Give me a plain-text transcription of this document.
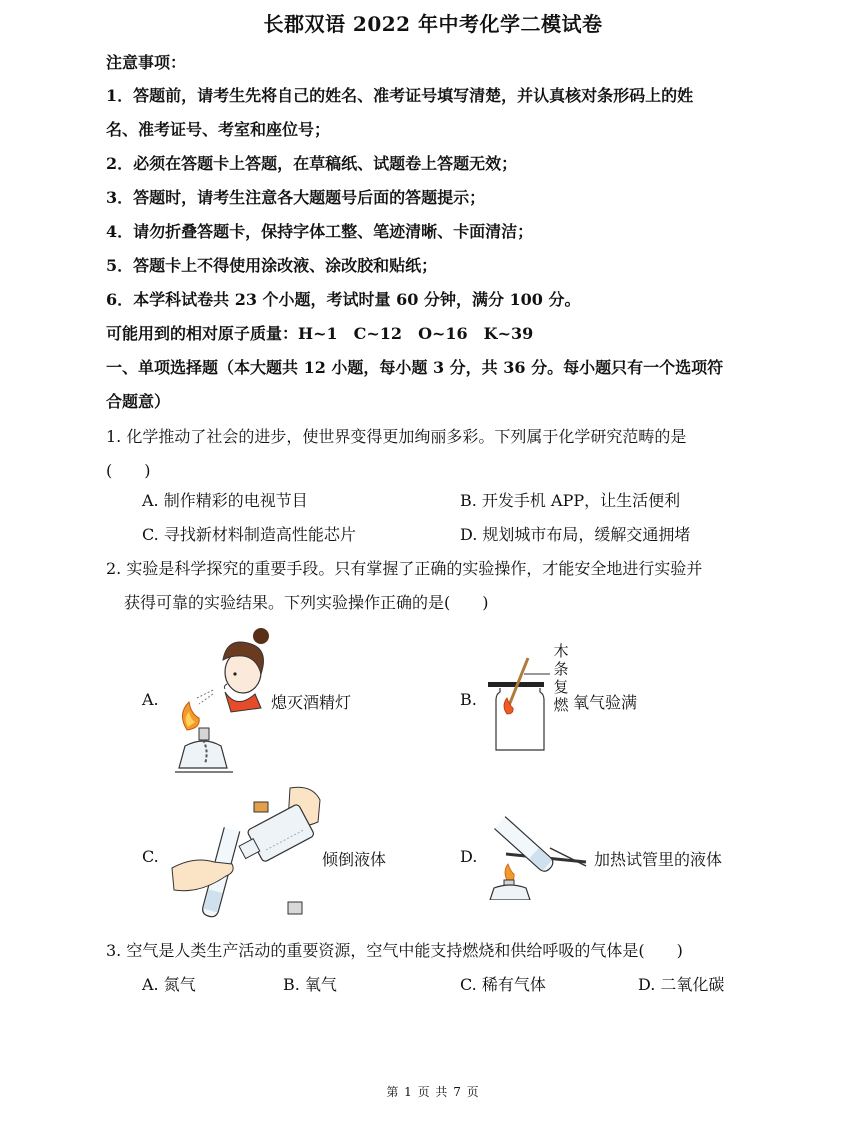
长郡双语 2022 年中考化学二模试卷
注意事项：
1．答题前，请考生先将自己的姓名、准考证号填写清楚，并认真核对条形码上的姓
名、准考证号、考室和座位号；
2．必须在答题卡上答题，在草稿纸、试题卷上答题无效；
3．答题时，请考生注意各大题题号后面的答题提示；
4．请勿折叠答题卡，保持字体工整、笔迹清晰、卡面清洁；
5．答题卡上不得使用涂改液、涂改胶和贴纸；
6．本学科试卷共 23 个小题，考试时量 60 分钟，满分 100 分。
可能用到的相对原子质量：H~1　C~12　O~16　K~39
一、单项选择题（本大题共 12 小题，每小题 3 分，共 36 分。每小题只有一个选项符
合题意）
1. 化学推动了社会的进步，使世界变得更加绚丽多彩。下列属于化学研究范畴的是
(　　)
A. 制作精彩的电视节目	B. 开发手机 APP，让生活便利
C. 寻找新材料制造高性能芯片	D. 规划城市布局，缓解交通拥堵
2. 实验是科学探究的重要手段。只有掌握了正确的实验操作，才能安全地进行实验并
获得可靠的实验结果。下列实验操作正确的是(　　)
A.	熄灭酒精灯	B.
木
条
复
燃 氧气验满
C.	倾倒液体	D.	加热试管里的液体
3. 空气是人类生产活动的重要资源，空气中能支持燃烧和供给呼吸的气体是(　　)
A. 氮气	B. 氧气	C. 稀有气体	D. 二氧化碳
第 1 页 共 7 页
